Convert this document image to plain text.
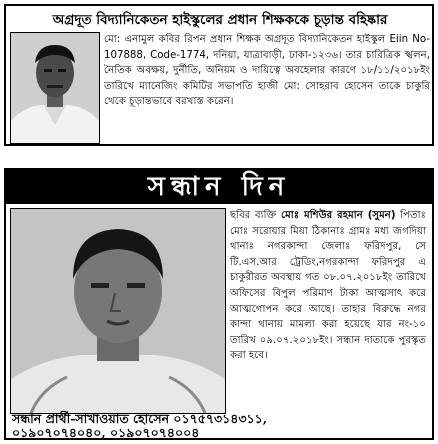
অগ্রদূত বিদ্যানিকেতন হাইস্কুলের প্রধান শিক্ষককে চূড়ান্ত বহিষ্কার
মো: এনামুল কবির রিপন প্রধান শিক্ষক অগ্রদূত বিদ্যানিকেতন হাইস্কুল Eiin No-107888, Code-1774, দনিয়া, যাত্রাবাড়ী, ঢাকা-১২৩৬। তার চারিত্রিক স্খলন, নৈতিক অবক্ষয়, দুর্নীতি, অনিয়ম ও দায়িত্বে অবহেলার কারণে ১৮/১১/২০১৮ইং তারিখে ম্যানেজিং কমিটির সভাপতি হাজী মো: সোহরাব হোসেন তাকে চাকুরি থেকে চূড়ান্তভাবে বরখাস্ত করেন।
সন্ধান দিন
ছবির ব্যক্তি মোঃ মশিউর রহমান (সুমন) পিতাঃ মোঃ সরোয়ার মিয়া ঠিকানাঃ গ্রামঃ মধ্য জগদিয়া থানাঃ নগরকান্দা জেলাঃ ফরিদপুর, সে টি.এস.আর ট্রেডিং,নগরকান্দা ফরিদপুর এ চাকুরীরত অবস্থায় গত ০৮.০৭.২০১৮ইং তারিখে অফিসের বিপুল পরিমাণ টাকা আত্মসাৎ করে আত্মগোপন করে আছে। তাহার বিরুদ্ধে নগর কান্দা থানায় মামলা করা হয়েছে যার নং-১০ তারিখ ০৯.০৭.২০১৮ইং। সন্ধান দাতাকে পুরস্কৃত করা হবে।
সন্ধান প্রার্থী-সাখাওয়াত হোসেন ০১৭৫৭৩১৪৩১১,
০১৯০৭০৭৪০৪০, ০১৯০৭০৭৪০০৪
